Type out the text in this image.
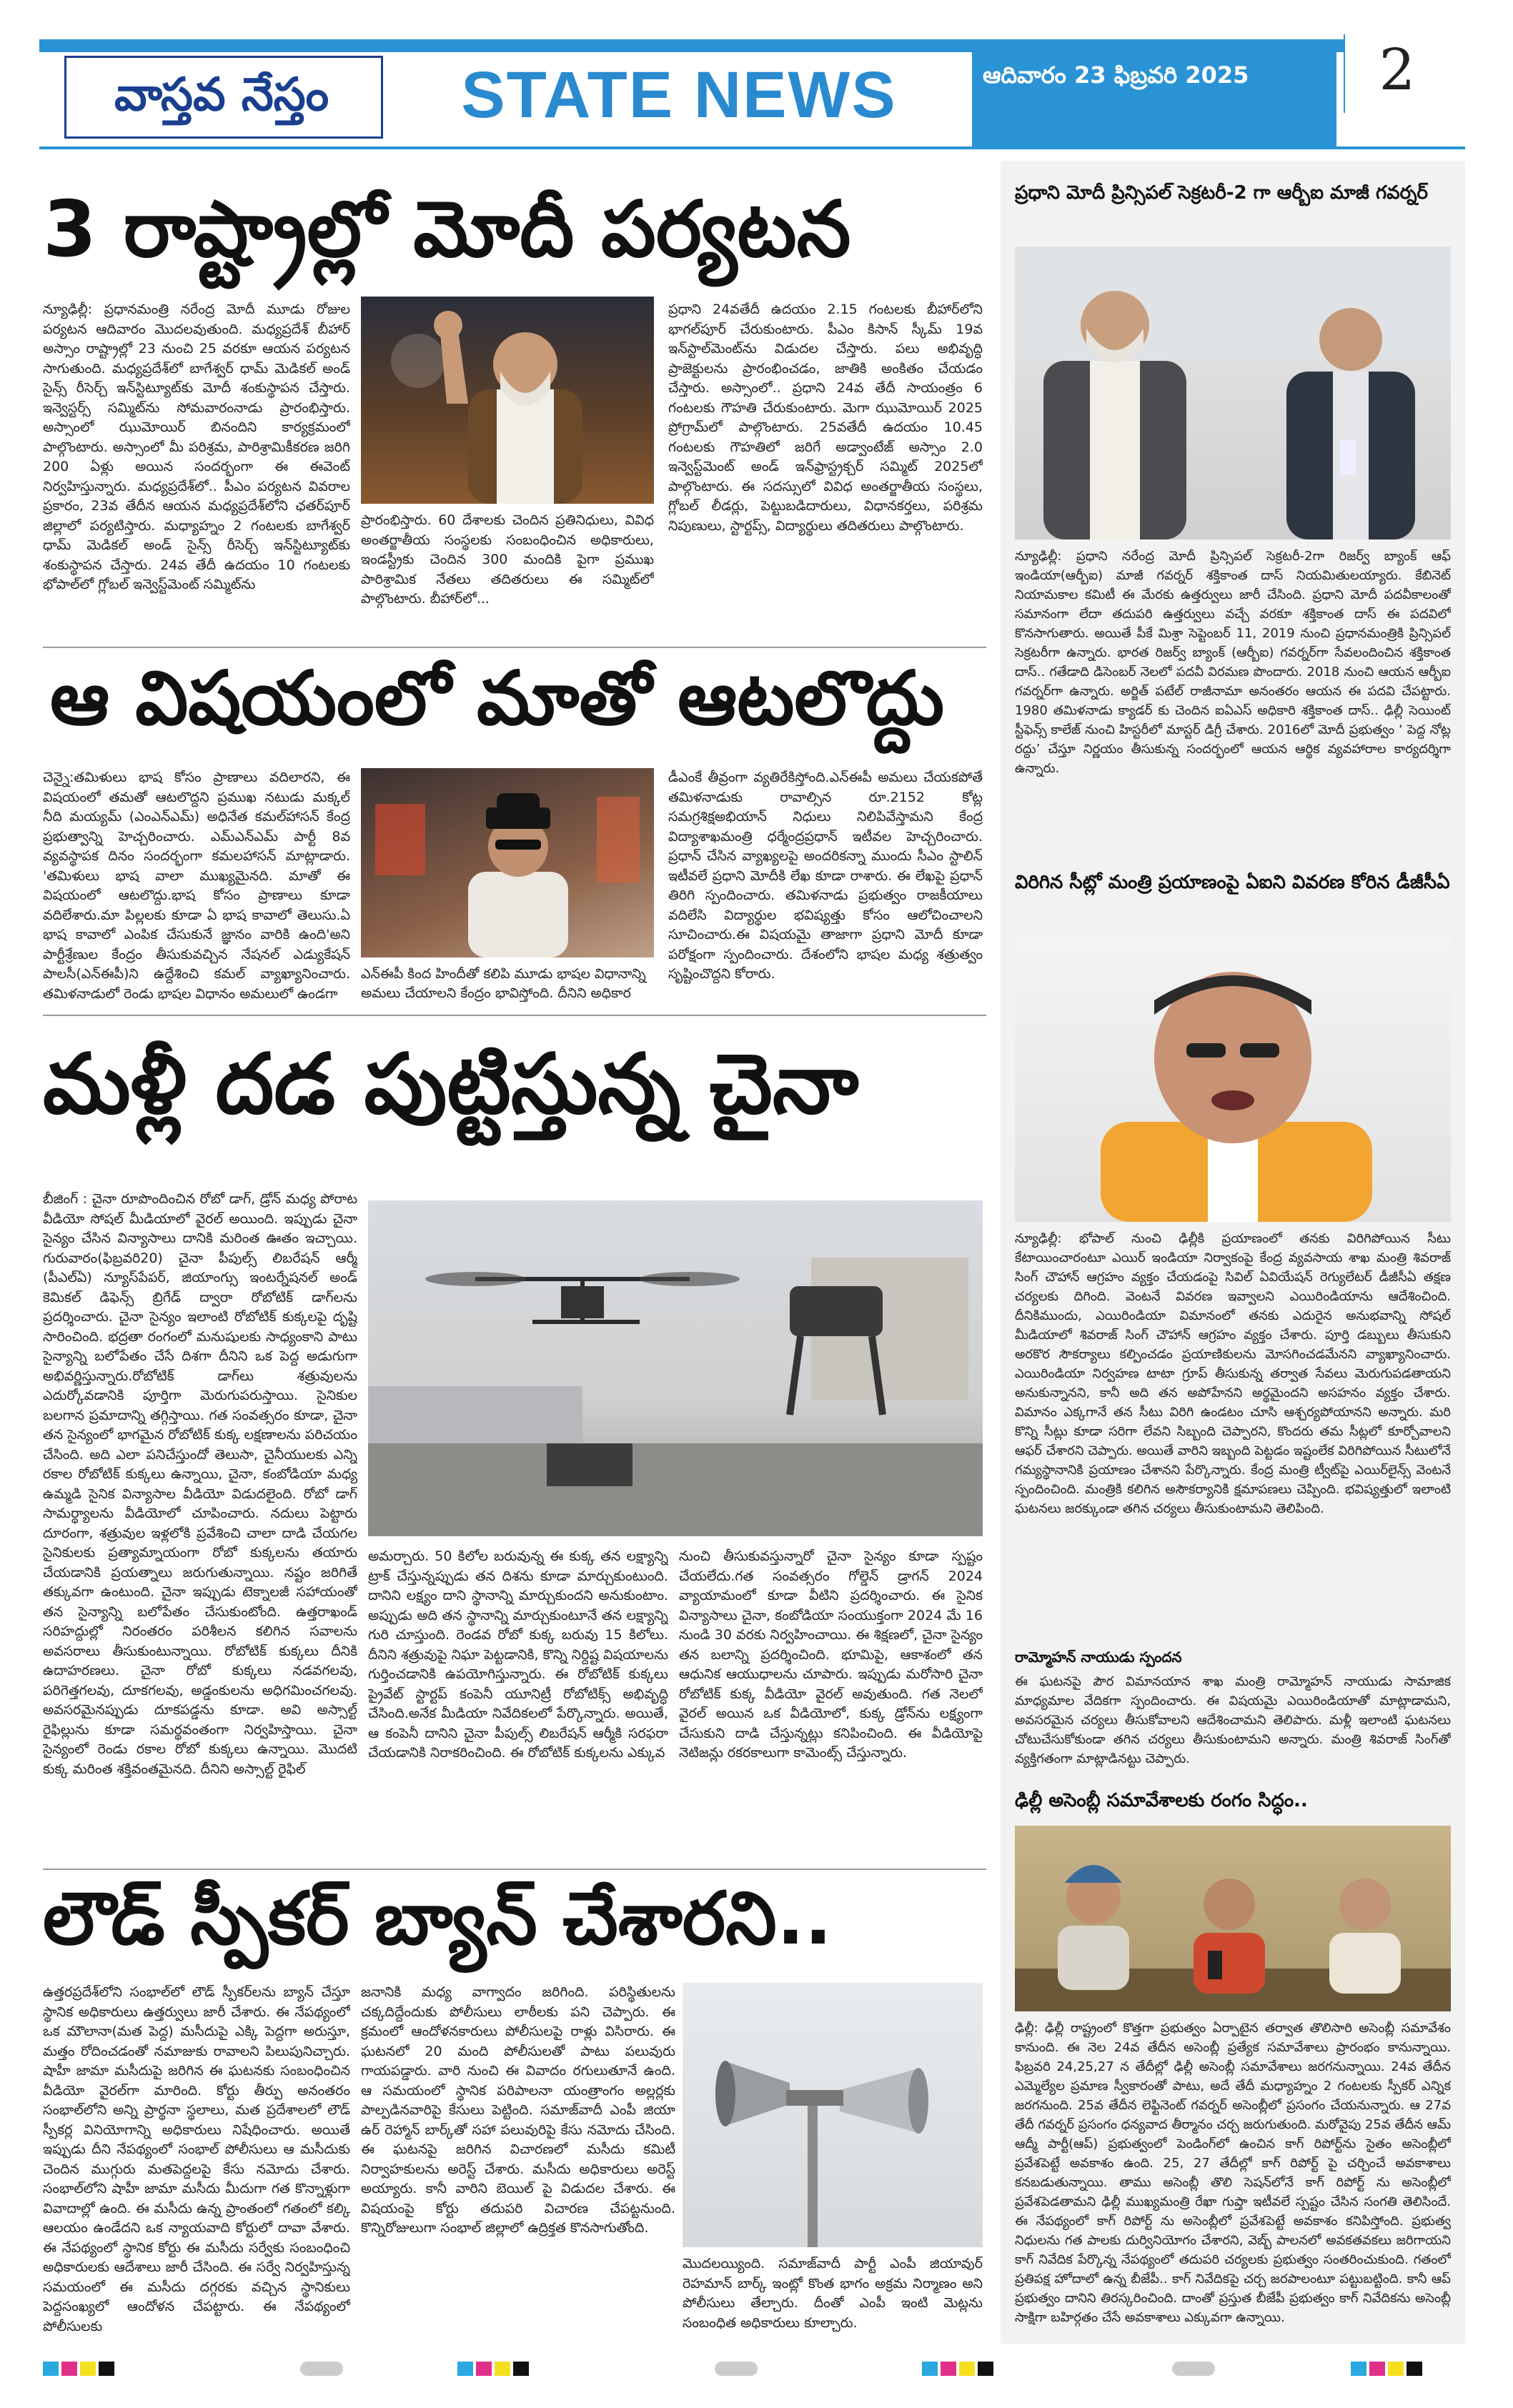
వాస్తవ నేస్తం	STATE NEWS	ఆదివారం 23 ఫిబ్రవరి 2025	2
3 రాష్ట్రాల్లో మోదీ పర్యటన
న్యూఢిల్లీ: ప్రధానమంత్రి నరేంద్ర మోదీ మూడు రోజుల పర్యటన ఆదివారం మొదలవుతుంది. మధ్యప్రదేశ్ బీహార్ అస్సాం రాష్ట్రాల్లో 23 నుంచి 25 వరకూ ఆయన పర్యటన సాగుతుంది. మధ్యప్రదేశ్‌లో బాగేశ్వర్ ధామ్ మెడికల్ అండ్ సైన్స్ రీసెర్చ్ ఇన్‌స్టిట్యూట్‌కు మోదీ శంకుస్థాపన చేస్తారు. ఇన్వెస్టర్స్ సమ్మిట్‌ను సోమవారంనాడు ప్రారంభిస్తారు. అస్సాంలో ఝుమోయిర్ బినందిని కార్యక్రమంలో పాల్గొంటారు. అస్సాంలో మీ పరిశ్రమ, పారిశ్రామికీకరణ జరిగి 200 ఏళ్లు అయిన సందర్భంగా ఈ ఈవెంట్ నిర్వహిస్తున్నారు. మధ్యప్రదేశ్‌లో.. పీఎం పర్యటన వివరాల ప్రకారం, 23వ తేదీన ఆయన మధ్యప్రదేశ్‌లోని ఛతర్‌పూర్ జిల్లాలో పర్యటిస్తారు. మధ్యాహ్నం 2 గంటలకు బాగేశ్వర్ ధామ్ మెడికల్ అండ్ సైన్స్ రీసెర్చ్ ఇన్‌స్టిట్యూట్‌కు శంకుస్థాపన చేస్తారు. 24వ తేదీ ఉదయం 10 గంటలకు భోపాల్‌లో గ్లోబల్ ఇన్వెస్ట్‌మెంట్ సమ్మిట్‌ను
ప్రారంభిస్తారు. 60 దేశాలకు చెందిన ప్రతినిధులు, వివిధ అంతర్జాతీయ సంస్థలకు సంబంధించిన అధికారులు, ఇండస్ట్రీకు చెందిన 300 మందికి పైగా ప్రముఖ పారిశ్రామిక నేతలు తదితరులు ఈ సమ్మిట్‌లో పాల్గొంటారు. బీహార్‌లో...
ప్రధాని 24వతేదీ ఉదయం 2.15 గంటలకు బీహార్‌లోని భాగల్‌పూర్ చేరుకుంటారు. పీఎం కిసాన్ స్కీమ్ 19వ ఇన్‌స్టాల్‌మెంట్‌ను విడుదల చేస్తారు. పలు అభివృద్ధి ప్రాజెక్టులను ప్రారంభించడం, జాతికి అంకితం చేయడం చేస్తారు. అస్సాంలో.. ప్రధాని 24వ తేదీ సాయంత్రం 6 గంటలకు గౌహతి చేరుకుంటారు. మెగా ఝుమోయిర్ 2025 ప్రోగ్రామ్‌లో పాల్గొంటారు. 25వతేదీ ఉదయం 10.45 గంటలకు గౌహతిలో జరిగే అడ్వాంటేజ్ అస్సాం 2.0 ఇన్వెస్ట్‌మెంట్ అండ్ ఇన్‌ఫ్రాస్ట్రక్చర్ సమ్మిట్ 2025లో పాల్గొంటారు. ఈ సదస్సులో వివిధ అంతర్జాతీయ సంస్థలు, గ్లోబల్ లీడర్లు, పెట్టుబడిదారులు, విధానకర్తలు, పరిశ్రమ నిపుణులు, స్టార్టప్స్, విద్యార్థులు తదితరులు పాల్గొంటారు.
ఆ విషయంలో మాతో ఆటలొద్దు
చెన్నై:తమిళులు భాష కోసం ప్రాణాలు వదిలారని, ఈ విషయంలో తమతో ఆటలొద్దని ప్రముఖ నటుడు మక్కల్ నీది మయ్యమ్ (ఎంఎన్ఎమ్) అధినేత కమల్‌హాసన్ కేంద్ర ప్రభుత్వాన్ని హెచ్చరించారు. ఎమ్ఎన్ఎమ్ పార్టీ 8వ వ్యవస్థాపక దినం సందర్భంగా కమలహాసన్ మాట్లాడారు. 'తమిళులు భాష వాలా ముఖ్యమైనది. మాతో ఈ విషయంలో ఆటలొద్దు.భాష కోసం ప్రాణాలు కూడా వదిలేశారు.మా పిల్లలకు కూడా ఏ భాష కావాలో తెలుసు.ఏ భాష కావాలో ఎంపిక చేసుకునే జ్ఞానం వారికి ఉంది'అని పార్టీశ్రేణుల కేంద్రం తీసుకువచ్చిన నేషనల్ ఎడ్యుకేషన్ పాలసీ(ఎన్‌ఈపీ)ని ఉద్దేశించి కమల్ వ్యాఖ్యానించారు. తమిళనాడులో రెండు భాషల విధానం అమలులో ఉండగా
ఎన్‌ఈపీ కింద హిందీతో కలిపి మూడు భాషల విధానాన్ని అమలు చేయాలని కేంద్రం భావిస్తోంది. దీనిని అధికార
డీఎంకే తీవ్రంగా వ్యతిరేకిస్తోంది.ఎన్ఈపీ అమలు చేయకపోతే తమిళనాడుకు రావాల్సిన రూ.2152 కోట్ల సమగ్రశిక్షఅభియాన్ నిధులు నిలిపివేస్తామని కేంద్ర విద్యాశాఖమంత్రి ధర్మేంద్రప్రధాన్ ఇటీవల హెచ్చరించారు. ప్రధాన్ చేసిన వ్యాఖ్యలపై అందరికన్నా ముందు సీఎం స్టాలిన్ ఇటీవలే ప్రధాని మోదీకి లేఖ కూడా రాశారు. ఈ లేఖపై ప్రధాన్ తిరిగి స్పందించారు. తమిళనాడు ప్రభుత్వం రాజకీయాలు వదిలేసి విద్యార్థుల భవిష్యత్తు కోసం ఆలోచించాలని సూచించారు.ఈ విషయమై తాజాగా ప్రధాని మోదీ కూడా పరోక్షంగా స్పందించారు. దేశంలోని భాషల మధ్య శత్రుత్వం సృష్టించొద్దని కోరారు.
మళ్లీ దడ పుట్టిస్తున్న చైనా
బీజింగ్ : చైనా రూపొందించిన రోబో డాగ్, డ్రోన్ మధ్య పోరాట వీడియో సోషల్ మీడియాలో వైరల్ అయింది. ఇప్పుడు చైనా సైన్యం చేసిన విన్యాసాలు దానికి మరింత ఊతం ఇచ్చాయి. గురువారం(ఫిబ్రవరి20) చైనా పీపుల్స్ లిబరేషన్ ఆర్మీ (పీఎల్ఏ) న్యూస్‌పేపర్, జియాంగ్సు ఇంటర్నేషనల్ అండ్ కెమికల్ డిఫెన్స్ బ్రిగేడ్ ద్వారా రోబోటిక్ డాగ్‌లను ప్రదర్శించారు. చైనా సైన్యం ఇలాంటి రోబోటిక్ కుక్కలపై దృష్టి సారించింది. భద్రతా రంగంలో మనుషులకు సాధ్యంకాని పాటు సైన్యాన్ని బలోపేతం చేసే దిశగా దీనిని ఒక పెద్ద అడుగుగా అభివర్ణిస్తున్నారు.రోబోటిక్ డాగ్‌లు శత్రువులను ఎదుర్కోవడానికి పూర్తిగా మెరుగుపరుస్తాయి. సైనికుల బలగాన ప్రమాదాన్ని తగ్గిస్తాయి. గత సంవత్సరం కూడా, చైనా తన సైన్యంలో భాగమైన రోబోటిక్ కుక్క లక్షణాలను పరిచయం చేసింది. అది ఎలా పనిచేస్తుందో తెలుసా, చైనీయులకు ఎన్ని రకాల రోబోటిక్ కుక్కలు ఉన్నాయి, చైనా, కంబోడియా మధ్య ఉమ్మడి సైనిక విన్యాసాల వీడియో విడుదలైంది. రోబో డాగ్ సామర్థ్యాలను వీడియోలో చూపించారు. నదులు పెట్టారు దూరంగా, శత్రువుల ఇళ్లలోకి ప్రవేశించి చాలా దాడి చేయగల సైనికులకు ప్రత్యామ్నాయంగా రోబో కుక్కలను తయారు చేయడానికి ప్రయత్నాలు జరుగుతున్నాయి. నష్టం జరిగితే తక్కువగా ఉంటుంది. చైనా ఇప్పుడు టెక్నాలజీ సహాయంతో తన సైన్యాన్ని బలోపేతం చేసుకుంటోంది. ఉత్తరాఖండ్ సరిహద్దుల్లో నిరంతరం పరిశీలన కలిగిన సవాలను అవసరాలు తీసుకుంటున్నాయి. రోబోటిక్ కుక్కలు దీనికి ఉదాహరణలు. చైనా రోబో కుక్కలు నడవగలవు, పరిగెత్తగలవు, దూకగలవు, అడ్డంకులను అధిగమించగలవు. అవసరమైనప్పుడు దూకపడ్డను కూడా. అవి అస్సాల్ట్ రైఫిల్లును కూడా సమర్థవంతంగా నిర్వహిస్తాయి. చైనా సైన్యంలో రెండు రకాల రోబో కుక్కలు ఉన్నాయి. మొదటి కుక్క మరింత శక్తివంతమైనది. దీనిని అస్సాల్ట్ రైఫిల్
అమర్చారు. 50 కిలోల బరువున్న ఈ కుక్క తన లక్ష్యాన్ని ట్రాక్ చేస్తున్నప్పుడు తన దిశను కూడా మార్చుకుంటుంది. దానిని లక్ష్యం దాని స్థానాన్ని మార్చుకుందని అనుకుంటాం. అప్పుడు అది తన స్థానాన్ని మార్చుకుంటూనే తన లక్ష్యాన్ని గురి చూస్తుంది. రెండవ రోబో కుక్క బరువు 15 కిలోలు. దీనిని శత్రువుపై నిఘా పెట్టడానికి, కొన్ని నిర్దిష్ట విషయాలను గుర్తించడానికి ఉపయోగిస్తున్నారు. ఈ రోబోటిక్ కుక్కలు ప్రైవేట్ స్టార్టప్ కంపెనీ యూనిట్రీ రోబోటిక్స్ అభివృద్ధి చేసింది.అనేక మీడియా నివేదికలలో పేర్కొన్నారు. అయితే, ఆ కంపెనీ దానిని చైనా పీపుల్స్ లిబరేషన్ ఆర్మీకి సరఫరా చేయడానికి నిరాకరించింది. ఈ రోబోటిక్ కుక్కలను ఎక్కువ
నుంచి తీసుకువస్తున్నారో చైనా సైన్యం కూడా స్పష్టం చేయలేదు.గత సంవత్సరం గోల్డెన్ డ్రాగన్ 2024 వ్యాయామంలో కూడా వీటిని ప్రదర్శించారు. ఈ సైనిక విన్యాసాలు చైనా, కంబోడియా సంయుక్తంగా 2024 మే 16 నుండి 30 వరకు నిర్వహించాయి. ఈ శిక్షణలో, చైనా సైన్యం తన బలాన్ని ప్రదర్శించింది. భూమిపై, ఆకాశంలో తన ఆధునిక ఆయుధాలను చూపారు. ఇప్పుడు మరోసారి చైనా రోబోటిక్ కుక్క వీడియో వైరల్ అవుతుంది. గత నెలలో వైరల్ అయిన ఒక వీడియోలో, కుక్క డ్రోన్‌ను లక్ష్యంగా చేసుకుని దాడి చేస్తున్నట్లు కనిపించింది. ఈ వీడియోపై నెటిజన్లు రకరకాలుగా కామెంట్స్ చేస్తున్నారు.
లౌడ్ స్పీకర్ బ్యాన్ చేశారని..
ఉత్తరప్రదేశ్‌లోని సంభాల్‌లో లౌడ్ స్పీకర్‌లను బ్యాన్ చేస్తూ స్థానిక అధికారులు ఉత్తర్వులు జారీ చేశారు. ఈ నేపథ్యంలో ఒక మౌలానా(మత పెద్ద) మసీదుపై ఎక్కి పెద్దగా అరుస్తూ, మత్తం రోదించడంతో నమాజుకు రావాలని పిలుపునిచ్చారు. షాహీ జామా మసీదుపై జరిగిన ఈ ఘటనకు సంబంధించిన వీడియో వైరల్‌గా మారింది. కోర్టు తీర్పు అనంతరం సంభాల్‌లోని అన్ని ప్రార్థనా స్థలాలు, మత ప్రదేశాలలో లౌడ్ స్పీకర్ల వినియోగాన్ని అధికారులు నిషేధించారు. అయితే ఇప్పుడు దీని నేపథ్యంలో సంభాల్ పోలీసులు ఆ మసీదుకు చెందిన ముగ్గురు మతపెద్దలపై కేసు నమోదు చేశారు. సంభాల్‌లోని షాహీ జామా మసీదు మీదుగా గత కొన్నాళ్లుగా వివాదాల్లో ఉంది. ఈ మసీదు ఉన్న ప్రాంతంలో గతంలో కల్కి ఆలయం ఉండేదని ఒక న్యాయవాది కోర్టులో దావా వేశారు. ఈ నేపథ్యంలో స్థానిక కోర్టు ఈ మసీదు సర్వేకు సంబంధించి అధికారులకు ఆదేశాలు జారీ చేసింది. ఈ సర్వే నిర్వహిస్తున్న సమయంలో ఈ మసీదు దగ్గరకు వచ్చిన స్థానికులు పెద్దసంఖ్యలో ఆందోళన చేపట్టారు. ఈ నేపథ్యంలో పోలీసులకు
జనానికి మధ్య వాగ్వాదం జరిగింది. పరిస్థితులను చక్కదిద్దేందుకు పోలీసులు లాఠీలకు పని చెప్పారు. ఈ క్రమంలో ఆందోళనకారులు పోలీసులపై రాళ్లు విసిరారు. ఈ ఘటనలో 20 మంది పోలీసులతో పాటు పలువురు గాయపడ్డారు. వారి నుంచి ఈ వివాదం రగులుతూనే ఉంది. ఆ సమయంలో స్థానిక పరిపాలనా యంత్రాంగం అల్లర్లకు పాల్పడినవారిపై కేసులు పెట్టింది. సమాజ్‌వాదీ ఎంపీ జియా ఉర్ రెహ్మాన్ బార్క్‌తో సహా పలువురిపై కేసు నమోదు చేసింది. ఈ ఘటనపై జరిగిన విచారణలో మసీదు కమిటీ నిర్వాహకులను అరెస్ట్ చేశారు. మసీదు అధికారులు అరెస్ట్ అయ్యారు. కానీ వారిని బెయిల్ పై విడుదల చేశారు. ఈ విషయంపై కోర్టు తదుపరి విచారణ చేపట్టనుంది. కొన్నిరోజులుగా సంభాల్ జిల్లాలో ఉద్రిక్తత కొనసాగుతోంది.
మొదలయ్యింది. సమాజ్‌వాదీ పార్టీ ఎంపీ జియావుర్ రెహమాన్ బార్క్ ఇంట్లో కొంత భాగం అక్రమ నిర్మాణం అని పోలీసులు తేల్చారు. దీంతో ఎంపీ ఇంటి మెట్లను సంబంధిత అధికారులు కూల్చారు.
ప్రధాని మోదీ ప్రిన్సిపల్ సెక్రటరీ-2 గా ఆర్బీఐ మాజీ గవర్నర్
న్యూఢిల్లీ: ప్రధాని నరేంద్ర మోదీ ప్రిన్సిపల్ సెక్రటరీ-2గా రిజర్వ్ బ్యాంక్ ఆఫ్ ఇండియా(ఆర్బీఐ) మాజీ గవర్నర్ శక్తికాంత దాస్ నియమితులయ్యారు. కేబినెట్ నియామకాల కమిటీ ఈ మేరకు ఉత్తర్వులు జారీ చేసింది. ప్రధాని మోదీ పదవీకాలంతో సమానంగా లేదా తదుపరి ఉత్తర్వులు వచ్చే వరకూ శక్తికాంత దాస్ ఈ పదవిలో కొనసాగుతారు. అయితే పీకే మిశ్రా సెప్టెంబర్ 11, 2019 నుంచి ప్రధానమంత్రికి ప్రిన్సిపల్ సెక్రటరీగా ఉన్నారు. భారత రిజర్వ్ బ్యాంక్ (ఆర్బీఐ) గవర్నర్‌గా సేవలందించిన శక్తికాంత దాస్.. గతేడాది డిసెంబర్ నెలలో పదవీ విరమణ పొందారు. 2018 నుంచి ఆయన ఆర్బీఐ గవర్నర్‌గా ఉన్నారు. అర్జిత్ పటేల్ రాజీనామా అనంతరం ఆయన ఈ పదవి చేపట్టారు. 1980 తమిళనాడు క్యాడర్ కు చెందిన ఐఏఎస్ అధికారి శక్తికాంత దాస్.. ఢిల్లీ సెయింట్ స్టీఫెన్స్ కాలేజ్ నుంచి హిస్టరీలో మాస్టర్ డిగ్రీ చేశారు. 2016లో మోదీ ప్రభుత్వం ‘ పెద్ద నోట్ల రద్దు’ చేస్తూ నిర్ణయం తీసుకున్న సందర్భంలో ఆయన ఆర్థిక వ్యవహారాల కార్యదర్శిగా ఉన్నారు.
విరిగిన సీట్లో మంత్రి ప్రయాణంపై ఏఐని వివరణ కోరిన డీజీసీఏ
న్యూఢిల్లీ: భోపాల్ నుంచి ఢిల్లీకి ప్రయాణంలో తనకు విరిగిపోయిన సీటు కేటాయించారంటూ ఎయిర్ ఇండియా నిర్వాకంపై కేంద్ర వ్యవసాయ శాఖ మంత్రి శివరాజ్ సింగ్ చౌహాన్ ఆగ్రహం వ్యక్తం చేయడంపై సివిల్ ఏవియేషన్ రెగ్యులేటర్ డీజీసీఏ తక్షణ చర్యలకు దిగింది. వెంటనే వివరణ ఇవ్వాలని ఎయిరిండియాను ఆదేశించింది. దీనికిముందు, ఎయిరిండియా విమానంలో తనకు ఎదురైన అనుభవాన్ని సోషల్ మీడియాలో శివరాజ్ సింగ్ చౌహాన్ ఆగ్రహం వ్యక్తం చేశారు. పూర్తి డబ్బులు తీసుకుని అరకొర సౌకర్యాలు కల్పించడం ప్రయాణికులను మోసగించడమేనని వ్యాఖ్యానించారు. ఎయిరిండియా నిర్వహణ టాటా గ్రూప్ తీసుకున్న తర్వాత సేవలు మెరుగుపడతాయని అనుకున్నానని, కానీ అది తన అపోహేనని అర్థమైందని అసహనం వ్యక్తం చేశారు. విమానం ఎక్కగానే తన సీటు విరిగి ఉండటం చూసి ఆశ్చర్యపోయానని అన్నారు. మరి కొన్ని సీట్లు కూడా సరిగా లేవని సిబ్బంది చెప్పారని, కొందరు తమ సీట్లలో కూర్చోవాలని ఆఫర్ చేశారని చెప్పారు. అయితే వారిని ఇబ్బంది పెట్టడం ఇష్టంలేక విరిగిపోయిన సీటులోనే గమ్యస్థానానికి ప్రయాణం చేశానని పేర్కొన్నారు. కేంద్ర మంత్రి ట్వీట్‌పై ఎయిర్‌లైన్స్ వెంటనే స్పందించింది. మంత్రికి కలిగిన అసౌకర్యానికి క్షమాపణలు చెప్పింది. భవిష్యత్తులో ఇలాంటి ఘటనలు జరక్కుండా తగిన చర్యలు తీసుకుంటామని తెలిపింది.
రామ్మోహన్ నాయుడు స్పందన
ఈ ఘటనపై పౌర విమానయాన శాఖ మంత్రి రామ్మోహన్ నాయుడు సామాజిక మాధ్యమాల వేదికగా స్పందించారు. ఈ విషయమై ఎయిరిండియాతో మాట్లాడామని, అవసరమైన చర్యలు తీసుకోవాలని ఆదేశించామని తెలిపారు. మళ్లీ ఇలాంటి ఘటనలు చోటుచేసుకోకుండా తగిన చర్యలు తీసుకుంటామని అన్నారు. మంత్రి శివరాజ్ సింగ్‌తో వ్యక్తిగతంగా మాట్లాడినట్టు చెప్పారు.
ఢిల్లీ అసెంబ్లీ సమావేశాలకు రంగం సిద్ధం..
ఢిల్లీ: ఢిల్లీ రాష్ట్రంలో కొత్తగా ప్రభుత్వం ఏర్పాటైన తర్వాత తొలిసారి అసెంబ్లీ సమావేశం కానుంది. ఈ నెల 24వ తేదీన అసెంబ్లీ ప్రత్యేక సమావేశాలు ప్రారంభం కానున్నాయి. ఫిబ్రవరి 24,25,27 న తేదీల్లో ఢిల్లీ అసెంబ్లీ సమావేశాలు జరగనున్నాయి. 24వ తేదీన ఎమ్మెల్యేల ప్రమాణ స్వీకారంతో పాటు, అదే తేదీ మధ్యాహ్నం 2 గంటలకు స్పీకర్ ఎన్నిక జరగనుంది. 25వ తేదీన లెఫ్టినెంట్ గవర్నర్ అసెంబ్లీలో ప్రసంగం చేయనున్నారు. ఆ 27వ తేదీ గవర్నర్ ప్రసంగం ధన్యవాద తీర్మానం చర్చ జరుగుతుంది. మరోవైపు 25వ తేదీన ఆమ్ ఆద్మీ పార్టీ(ఆప్) ప్రభుత్వంలో పెండింగ్‌లో ఉంచిన కాగ్ రిపోర్ట్‌ను సైతం అసెంబ్లీలో ప్రవేశపెట్టే అవకాశం ఉంది. 25, 27 తేదీల్లో కాగ్ రిపోర్ట్ పై చర్చించే అవకాశాలు కనబడుతున్నాయి. తాము అసెంబ్లీ తొలి సెషన్‌లోనే కాగ్ రిపోర్ట్ ను అసెంబ్లీలో ప్రవేశపెడతామని ఢిల్లీ ముఖ్యమంత్రి రేఖా గుప్తా ఇటీవలే స్పష్టం చేసిన సంగతి తెలిసిందే. ఈ నేపథ్యంలో కాగ్ రిపోర్ట్ ను అసెంబ్లీలో ప్రవేశపెట్టే అవకాశం కనిపిస్తోంది. ప్రభుత్వ నిధులను గత పాలకు దుర్వినియోగం చేశారని, వెబ్బ్ పాలనలో అవకతవకలు జరిగాయని కాగ్ నివేదిక పేర్కొన్న నేపథ్యంలో తదుపరి చర్యలకు ప్రభుత్వం సంతరించుకుంది. గతంలో ప్రతిపక్ష హోదాలో ఉన్న బీజేపీ.. కాగ్ నివేదికపై చర్చ జరపాలంటూ పట్టుబట్టింది. కానీ ఆప్ ప్రభుత్వం దానిని తిరస్కరించింది. దాంతో ప్రస్తుత బీజేపీ ప్రభుత్వం కాగ్ నివేదికను అసెంబ్లీ సాక్షిగా బహిర్గతం చేసే అవకాశాలు ఎక్కువగా ఉన్నాయి.
